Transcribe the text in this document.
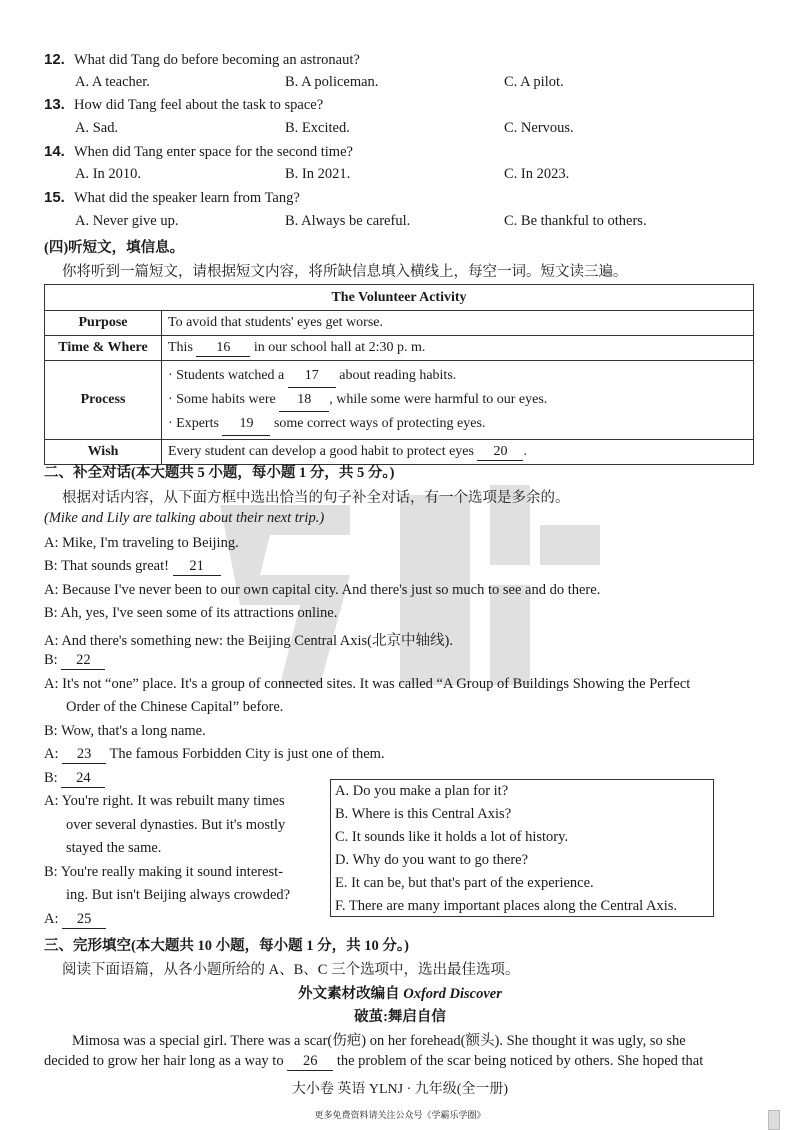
12. What did Tang do before becoming an astronaut?
A. A teacher.	B. A policeman.	C. A pilot.
13. How did Tang feel about the task to space?
A. Sad.	B. Excited.	C. Nervous.
14. When did Tang enter space for the second time?
A. In 2010.	B. In 2021.	C. In 2023.
15. What did the speaker learn from Tang?
A. Never give up.	B. Always be careful.	C. Be thankful to others.
(四)听短文，填信息。
你将听到一篇短文，请根据短文内容，将所缺信息填入横线上，每空一词。短文读三遍。
The Volunteer Activity	
Purpose	To avoid that students' eyes get worse.
Time & Where	This 16 in our school hall at 2:30 p. m.
Process	· Students watched a 17 about reading habits.
· Some habits were 18 , while some were harmful to our eyes.
· Experts 19 some correct ways of protecting eyes.

Wish	Every student can develop a good habit to protect eyes 20 .
二、补全对话(本大题共 5 小题，每小题 1 分，共 5 分。)
根据对话内容，从下面方框中选出恰当的句子补全对话，有一个选项是多余的。
(Mike and Lily are talking about their next trip.)
A: Mike, I'm traveling to Beijing.
B: That sounds great! 21
A: Because I've never been to our own capital city. And there's just so much to see and do there.
B: Ah, yes, I've seen some of its attractions online.
A: And there's something new: the Beijing Central Axis(北京中轴线).
B: 22
A: It's not “one” place. It's a group of connected sites. It was called “A Group of Buildings Showing the Perfect
Order of the Chinese Capital” before.
B: Wow, that's a long name.
A: 23 The famous Forbidden City is just one of them.
B: 24
A: You're right. It was rebuilt many times
over several dynasties. But it's mostly
stayed the same.
B: You're really making it sound interest-
ing. But isn't Beijing always crowded?
A: 25
A. Do you make a plan for it?
B. Where is this Central Axis?
C. It sounds like it holds a lot of history.
D. Why do you want to go there?
E. It can be, but that's part of the experience.
F. There are many important places along the Central Axis.
三、完形填空(本大题共 10 小题，每小题 1 分，共 10 分。)
阅读下面语篇，从各小题所给的 A、B、C 三个选项中，选出最佳选项。
外文素材改编自 Oxford Discover
破茧:舞启自信
Mimosa was a special girl. There was a scar(伤疤) on her forehead(额头). She thought it was ugly, so she
decided to grow her hair long as a way to 26 the problem of the scar being noticed by others. She hoped that
大小卷 英语 YLNJ · 九年级(全一册)
更多免费资料请关注公众号《学霸乐学圈》
